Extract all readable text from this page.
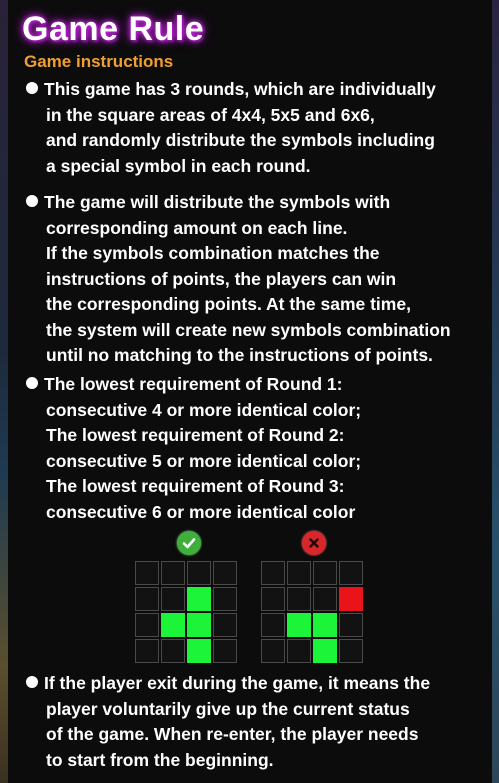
Game Rule
Game instructions
This game has 3 rounds, which are individually
in the square areas of 4x4, 5x5 and 6x6,
and randomly distribute the symbols including
a special symbol in each round.
The game will distribute the symbols with
corresponding amount on each line.
If the symbols combination matches the
instructions of points, the players can win
the corresponding points. At the same time,
the system will create new symbols combination
until no matching to the instructions of points.
The lowest requirement of Round 1:
consecutive 4 or more identical color;
The lowest requirement of Round 2:
consecutive 5 or more identical color;
The lowest requirement of Round 3:
consecutive 6 or more identical color
If the player exit during the game, it means the
player voluntarily give up the current status
of the game. When re-enter, the player needs
to start from the beginning.
